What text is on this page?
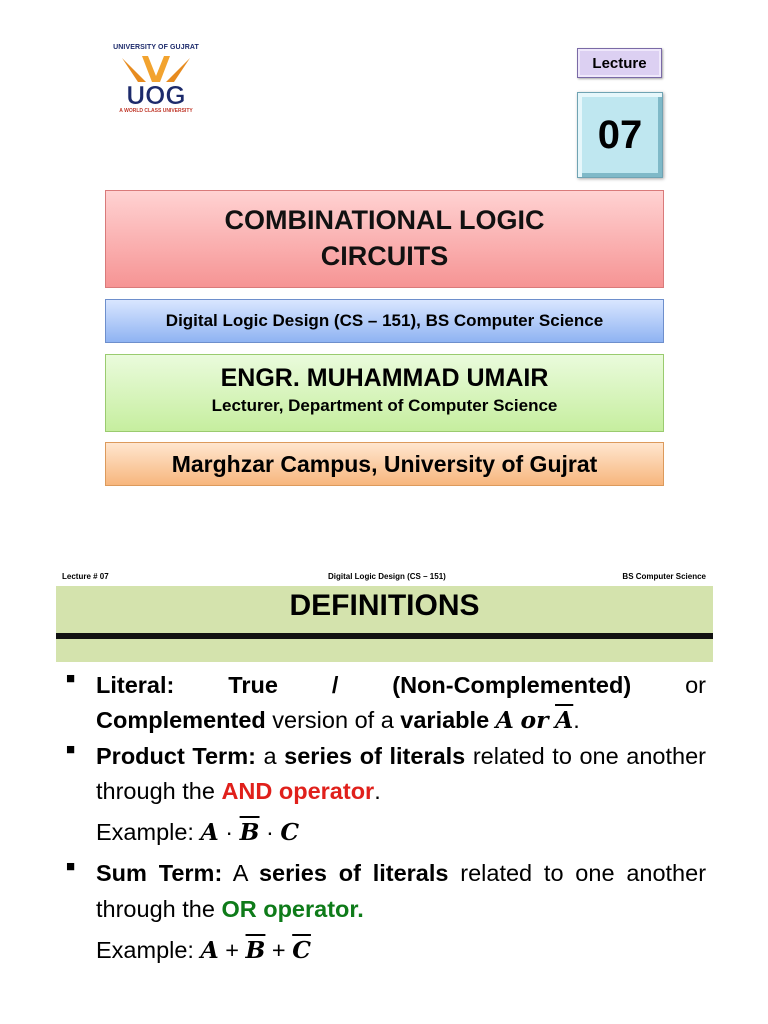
UNIVERSITY OF GUJRAT
UOG
A WORLD CLASS UNIVERSITY
Lecture
07
COMBINATIONAL LOGIC
CIRCUITS
Digital Logic Design (CS – 151), BS Computer Science
ENGR. MUHAMMAD UMAIR
Lecturer, Department of Computer Science
Marghzar Campus, University of Gujrat
Lecture # 07	Digital Logic Design (CS – 151)	BS Computer Science
DEFINITIONS
■ Literal: True / (Non-Complemented) or
Complemented version of a variable A or $\overline{A}$.
■ Product Term: a series of literals related to one another through the AND operator.
Example: $A \cdot \overline{B} \cdot C$
■ Sum Term: A series of literals related to one another through the OR operator.
Example: $A + \overline{B} + \overline{C}$
